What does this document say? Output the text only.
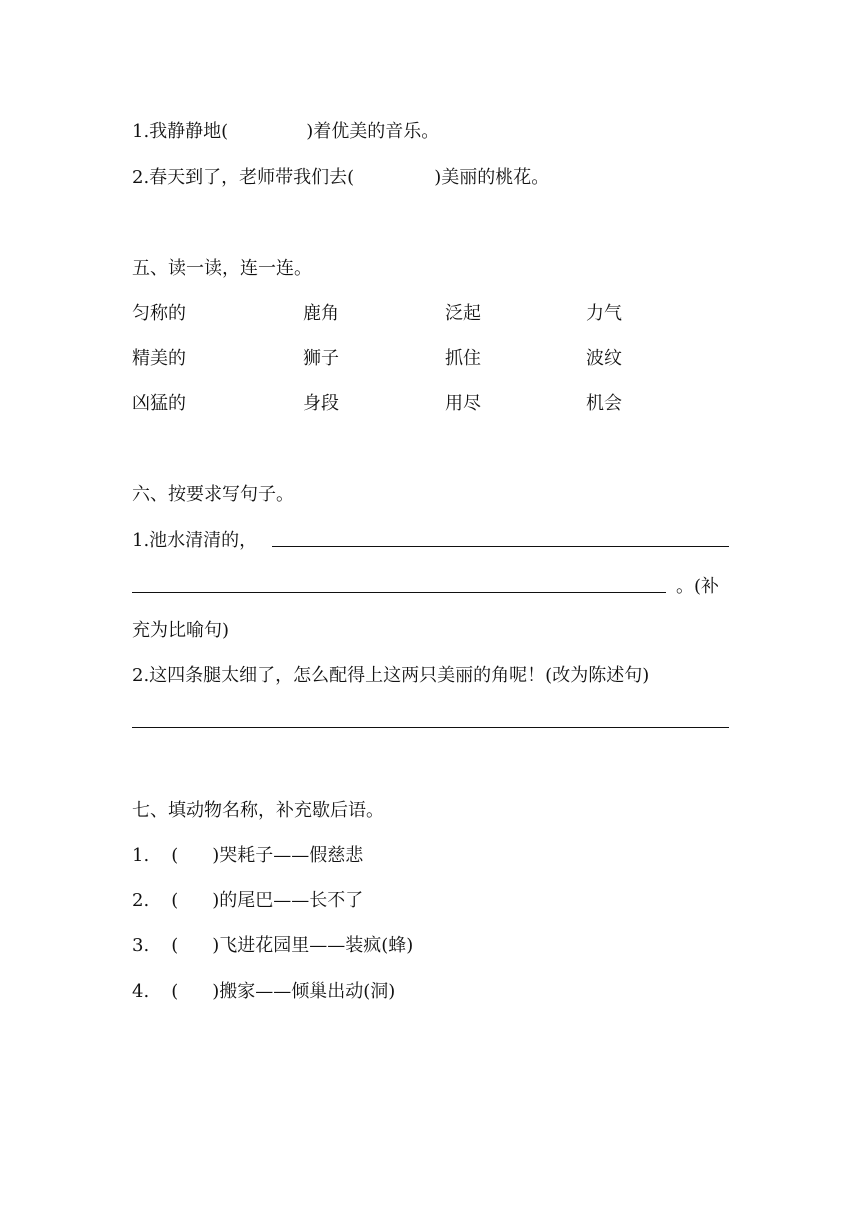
1.我静静地(	)着优美的音乐。
2.春天到了，老师带我们去(	)美丽的桃花。
五、读一读，连一连。
匀称的	鹿角	泛起	力气
精美的	狮子	抓住	波纹
凶猛的	身段	用尽	机会
六、按要求写句子。
1.池水清清的，
。(补
充为比喻句)
2.这四条腿太细了，怎么配得上这两只美丽的角呢！(改为陈述句)
七、填动物名称，补充歇后语。
1. ( )哭耗子——假慈悲
2. ( )的尾巴——长不了
3. ( )飞进花园里——装疯(蜂)
4. ( )搬家——倾巢出动(洞)
